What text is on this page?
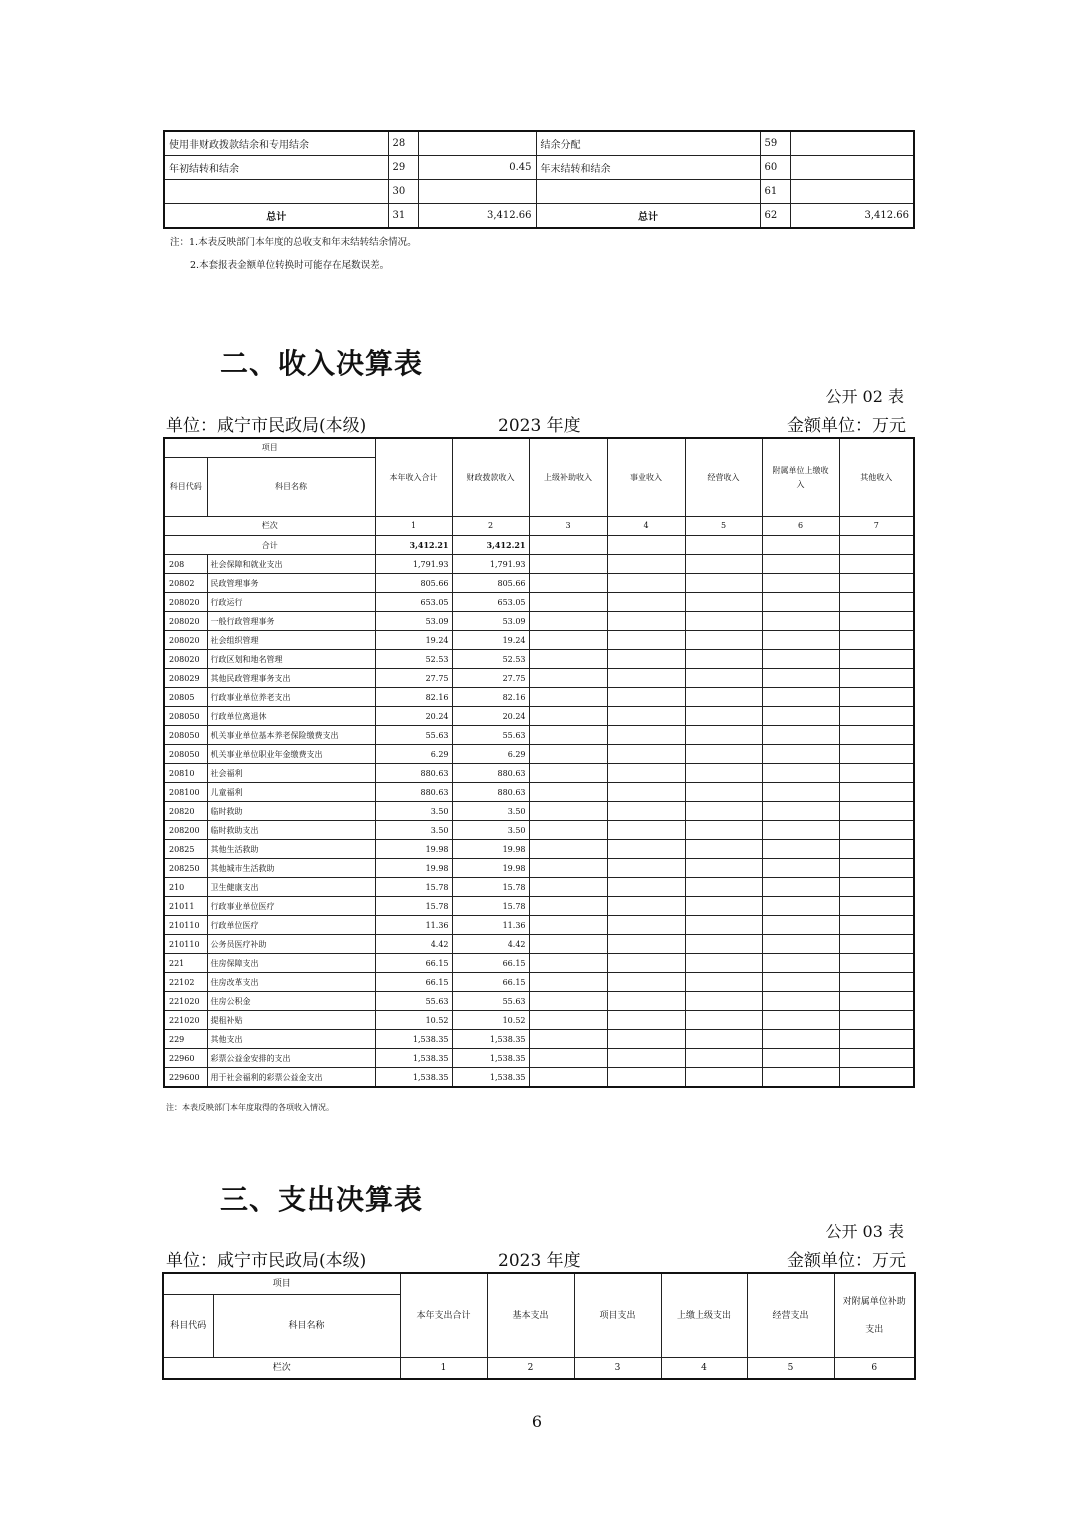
使用非财政拨款结余和专用结余	28		结余分配	59	
年初结转和结余	29	0.45	年末结转和结余	60	
	30			61	
总计	31	3,412.66	总计	62	3,412.66
注：1.本表反映部门本年度的总收支和年末结转结余情况。
2.本套报表金额单位转换时可能存在尾数误差。
二、收入决算表
公开 02 表
单位：咸宁市民政局(本级)	2023 年度	金额单位：万元
项目		本年收入合计	财政拨款收入	上级补助收入	事业收入	经营收入	附属单位上缴收入	其他收入
科目代码	科目名称							
栏次		1	2	3	4	5	6	7
合计		3,412.21	3,412.21					
208	社会保障和就业支出	1,791.93	1,791.93					
20802	民政管理事务	805.66	805.66					
208020	行政运行	653.05	653.05					
208020	一般行政管理事务	53.09	53.09					
208020	社会组织管理	19.24	19.24					
208020	行政区划和地名管理	52.53	52.53					
208029	其他民政管理事务支出	27.75	27.75					
20805	行政事业单位养老支出	82.16	82.16					
208050	行政单位离退休	20.24	20.24					
208050	机关事业单位基本养老保险缴费支出	55.63	55.63					
208050	机关事业单位职业年金缴费支出	6.29	6.29					
20810	社会福利	880.63	880.63					
208100	儿童福利	880.63	880.63					
20820	临时救助	3.50	3.50					
208200	临时救助支出	3.50	3.50					
20825	其他生活救助	19.98	19.98					
208250	其他城市生活救助	19.98	19.98					
210	卫生健康支出	15.78	15.78					
21011	行政事业单位医疗	15.78	15.78					
210110	行政单位医疗	11.36	11.36					
210110	公务员医疗补助	4.42	4.42					
221	住房保障支出	66.15	66.15					
22102	住房改革支出	66.15	66.15					
221020	住房公积金	55.63	55.63					
221020	提租补贴	10.52	10.52					
229	其他支出	1,538.35	1,538.35					
22960	彩票公益金安排的支出	1,538.35	1,538.35					
229600	用于社会福利的彩票公益金支出	1,538.35	1,538.35					
注：本表反映部门本年度取得的各项收入情况。
三、支出决算表
公开 03 表
单位：咸宁市民政局(本级)	2023 年度	金额单位：万元
项目		本年支出合计	基本支出	项目支出	上缴上级支出	经营支出	对附属单位补助支出
科目代码	科目名称						
栏次		1	2	3	4	5	6
6
